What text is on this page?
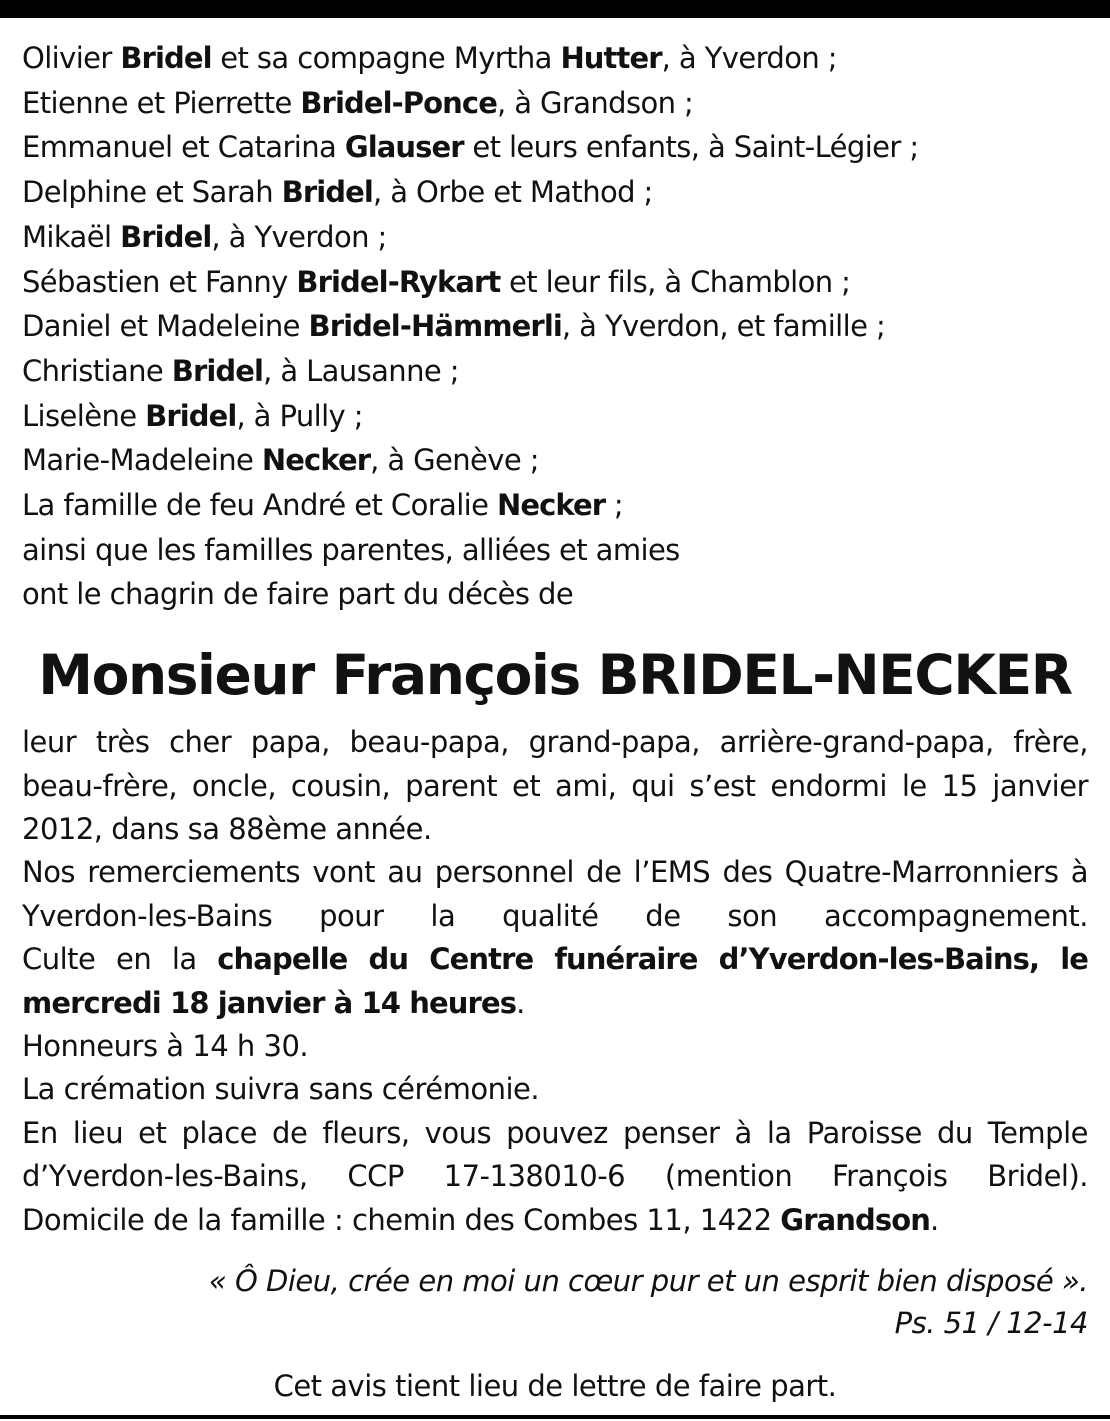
Olivier Bridel et sa compagne Myrtha Hutter, à Yverdon ;
Etienne et Pierrette Bridel-Ponce, à Grandson ;
Emmanuel et Catarina Glauser et leurs enfants, à Saint-Légier ;
Delphine et Sarah Bridel, à Orbe et Mathod ;
Mikaël Bridel, à Yverdon ;
Sébastien et Fanny Bridel-Rykart et leur fils, à Chamblon ;
Daniel et Madeleine Bridel-Hämmerli, à Yverdon, et famille ;
Christiane Bridel, à Lausanne ;
Liselène Bridel, à Pully ;
Marie-Madeleine Necker, à Genève ;
La famille de feu André et Coralie Necker ;
ainsi que les familles parentes, alliées et amies
ont le chagrin de faire part du décès de
Monsieur François BRIDEL-NECKER
leur très cher papa, beau-papa, grand-papa, arrière-grand-papa, frère, beau-frère, oncle, cousin, parent et ami, qui s’est endormi le 15 janvier 2012, dans sa 88ème année.
Nos remerciements vont au personnel de l’EMS des Quatre-Marronniers à Yverdon-les-Bains pour la qualité de son accompagnement.
Culte en la chapelle du Centre funéraire d’Yverdon-les-Bains, le mercredi 18 janvier à 14 heures.
Honneurs à 14 h 30.
La crémation suivra sans cérémonie.
En lieu et place de fleurs, vous pouvez penser à la Paroisse du Temple d’Yverdon-les-Bains, CCP 17-138010-6 (mention François Bridel).
Domicile de la famille : chemin des Combes 11, 1422 Grandson.
« Ô Dieu, crée en moi un cœur pur et un esprit bien disposé ».
Ps. 51 / 12-14
Cet avis tient lieu de lettre de faire part.
